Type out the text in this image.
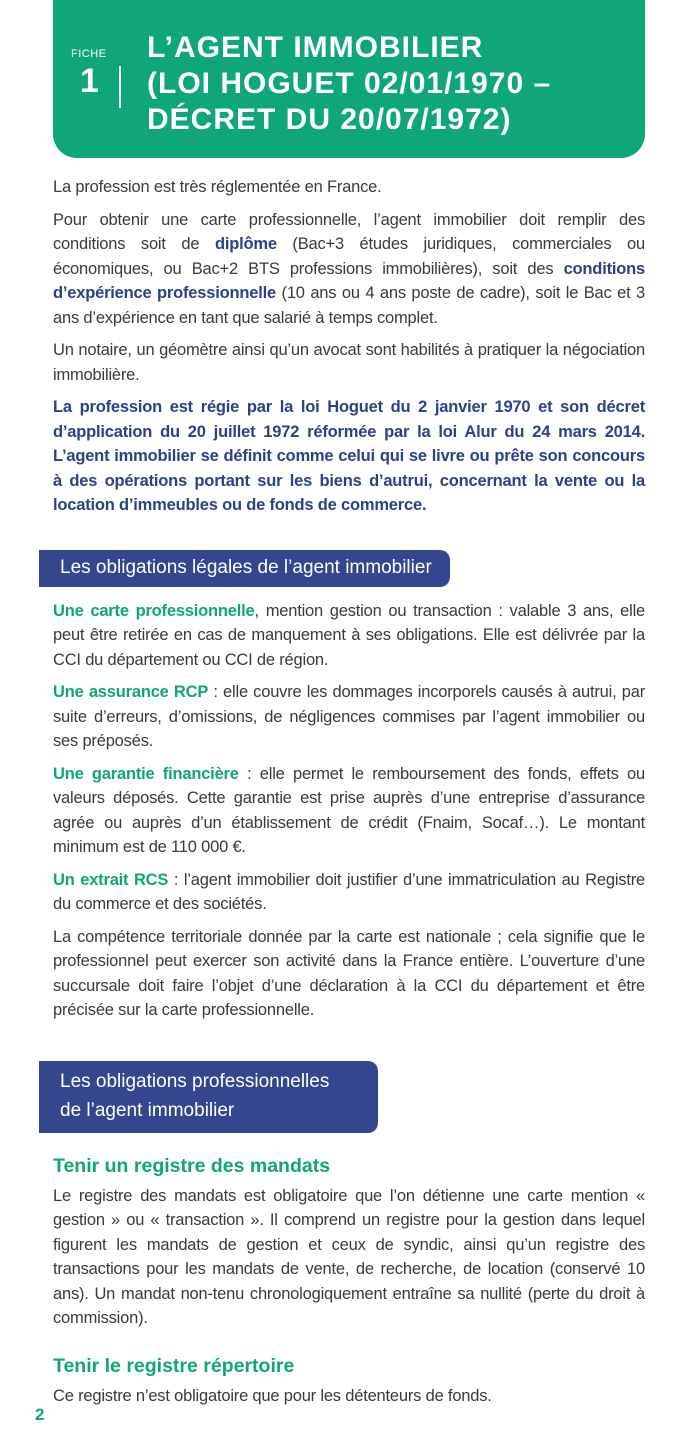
FICHE
1
L’AGENT IMMOBILIER
(LOI HOGUET 02/01/1970 –
DÉCRET DU 20/07/1972)

La profession est très réglementée en France.

Pour obtenir une carte professionnelle, l’agent immobilier doit remplir des conditions soit de diplôme (Bac+3 études juridiques, commerciales ou économiques, ou Bac+2 BTS professions immobilières), soit des conditions d’expérience professionnelle (10 ans ou 4 ans poste de cadre), soit le Bac et 3 ans d’expérience en tant que salarié à temps complet.

Un notaire, un géomètre ainsi qu’un avocat sont habilités à pratiquer la négociation immobilière.

La profession est régie par la loi Hoguet du 2 janvier 1970 et son décret d’application du 20 juillet 1972 réformée par la loi Alur du 24 mars 2014. L’agent immobilier se définit comme celui qui se livre ou prête son concours à des opérations portant sur les biens d’autrui, concernant la vente ou la location d’immeubles ou de fonds de commerce.

Les obligations légales de l’agent immobilier

Une carte professionnelle, mention gestion ou transaction : valable 3 ans, elle peut être retirée en cas de manquement à ses obligations. Elle est délivrée par la CCI du département ou CCI de région.

Une assurance RCP : elle couvre les dommages incorporels causés à autrui, par suite d’erreurs, d’omissions, de négligences commises par l’agent immobilier ou ses préposés.

Une garantie financière : elle permet le remboursement des fonds, effets ou valeurs déposés. Cette garantie est prise auprès d’une entreprise d’assurance agrée ou auprès d’un établissement de crédit (Fnaim, Socaf…). Le montant minimum est de 110 000 €.

Un extrait RCS : l’agent immobilier doit justifier d’une immatriculation au Registre du commerce et des sociétés.

La compétence territoriale donnée par la carte est nationale ; cela signifie que le professionnel peut exercer son activité dans la France entière. L’ouverture d’une succursale doit faire l’objet d’une déclaration à la CCI du département et être précisée sur la carte professionnelle.

Les obligations professionnelles
de l’agent immobilier
Tenir un registre des mandats

Le registre des mandats est obligatoire que l’on détienne une carte mention « gestion » ou « transaction ». Il comprend un registre pour la gestion dans lequel figurent les mandats de gestion et ceux de syndic, ainsi qu’un registre des transactions pour les mandats de vente, de recherche, de location (conservé 10 ans). Un mandat non-tenu chronologiquement entraîne sa nullité (perte du droit à commission).

Tenir le registre répertoire

Ce registre n’est obligatoire que pour les détenteurs de fonds.

2
